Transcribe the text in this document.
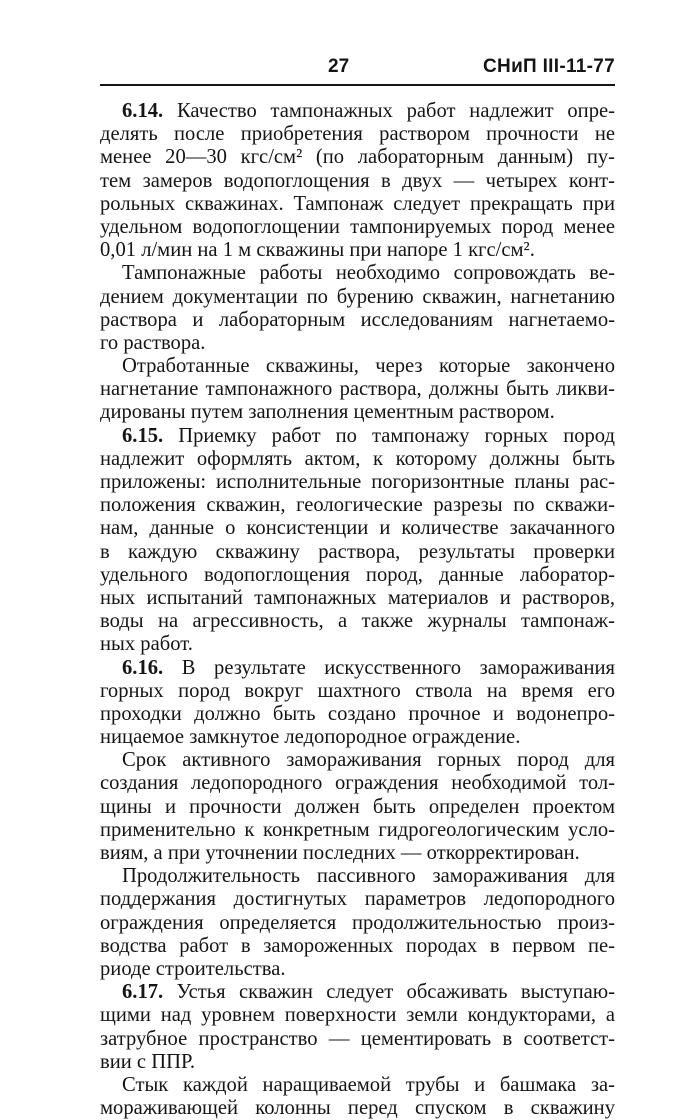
27	СНиП III-11-77
6.14. Качество тампонажных работ надлежит опре-
делять после приобретения раствором прочности не
менее 20—30 кгс/см² (по лабораторным данным) пу-
тем замеров водопоглощения в двух — четырех конт-
рольных скважинах. Тампонаж следует прекращать при
удельном водопоглощении тампонируемых пород менее
0,01 л/мин на 1 м скважины при напоре 1 кгс/см².
Тампонажные работы необходимо сопровождать ве-
дением документации по бурению скважин, нагнетанию
раствора и лабораторным исследованиям нагнетаемо-
го раствора.
Отработанные скважины, через которые закончено
нагнетание тампонажного раствора, должны быть ликви-
дированы путем заполнения цементным раствором.
6.15. Приемку работ по тампонажу горных пород
надлежит оформлять актом, к которому должны быть
приложены: исполнительные погоризонтные планы рас-
положения скважин, геологические разрезы по скважи-
нам, данные о консистенции и количестве закачанного
в каждую скважину раствора, результаты проверки
удельного водопоглощения пород, данные лаборатор-
ных испытаний тампонажных материалов и растворов,
воды на агрессивность, а также журналы тампонаж-
ных работ.
6.16. В результате искусственного замораживания
горных пород вокруг шахтного ствола на время его
проходки должно быть создано прочное и водонепро-
ницаемое замкнутое ледопородное ограждение.
Срок активного замораживания горных пород для
создания ледопородного ограждения необходимой тол-
щины и прочности должен быть определен проектом
применительно к конкретным гидрогеологическим усло-
виям, а при уточнении последних — откорректирован.
Продолжительность пассивного замораживания для
поддержания достигнутых параметров ледопородного
ограждения определяется продолжительностью произ-
водства работ в замороженных породах в первом пе-
риоде строительства.
6.17. Устья скважин следует обсаживать выступаю-
щими над уровнем поверхности земли кондукторами, а
затрубное пространство — цементировать в соответст-
вии с ППР.
Стык каждой наращиваемой трубы и башмака за-
мораживающей колонны перед спуском в скважину
